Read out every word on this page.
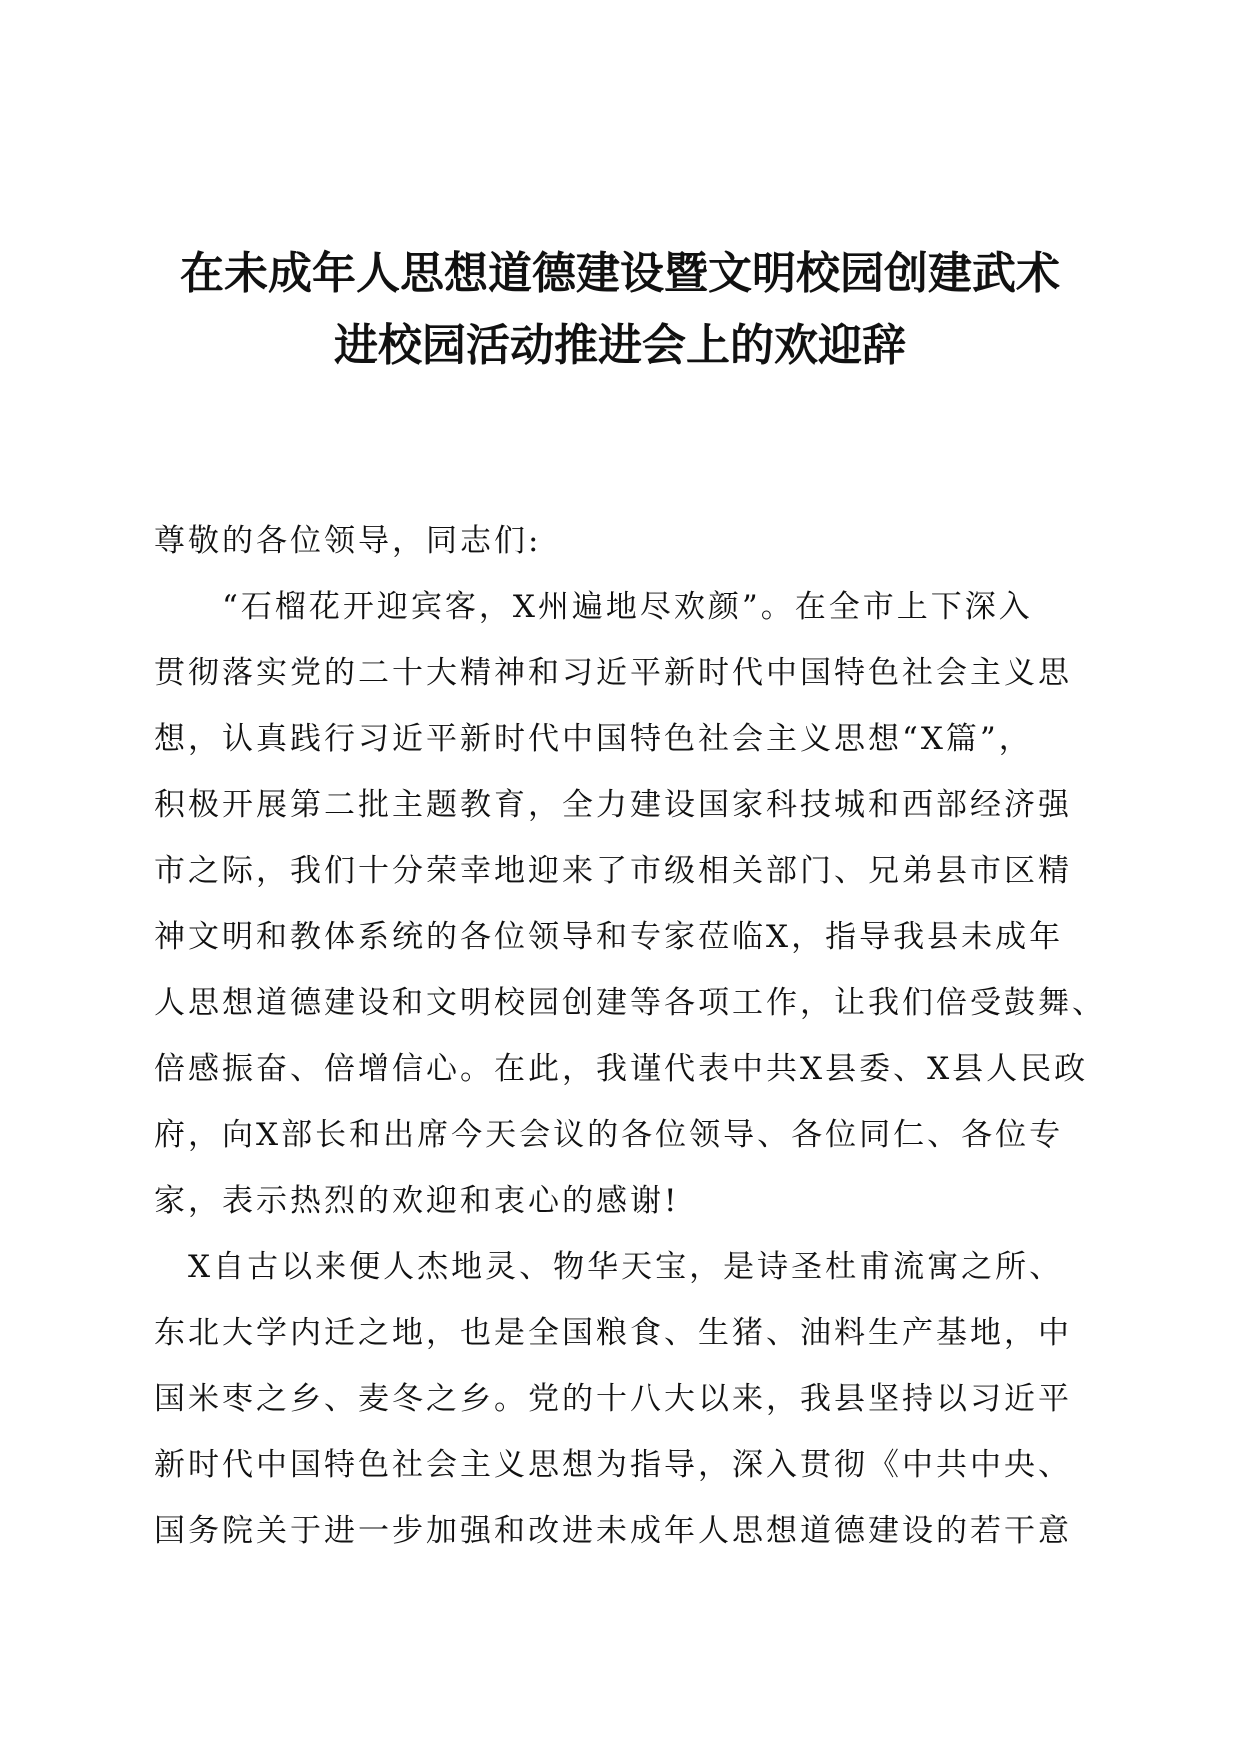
在未成年人思想道德建设暨文明校园创建武术
进校园活动推进会上的欢迎辞
尊敬的各位领导，同志们:
　　“石榴花开迎宾客，X州遍地尽欢颜”。在全市上下深入
贯彻落实党的二十大精神和习近平新时代中国特色社会主义思
想，认真践行习近平新时代中国特色社会主义思想“X篇”，
积极开展第二批主题教育，全力建设国家科技城和西部经济强
市之际，我们十分荣幸地迎来了市级相关部门、兄弟县市区精
神文明和教体系统的各位领导和专家莅临X，指导我县未成年
人思想道德建设和文明校园创建等各项工作，让我们倍受鼓舞、
倍感振奋、倍增信心。在此，我谨代表中共X县委、X县人民政
府，向X部长和出席今天会议的各位领导、各位同仁、各位专
家，表示热烈的欢迎和衷心的感谢!
　X自古以来便人杰地灵、物华天宝，是诗圣杜甫流寓之所、
东北大学内迁之地，也是全国粮食、生猪、油料生产基地，中
国米枣之乡、麦冬之乡。党的十八大以来，我县坚持以习近平
新时代中国特色社会主义思想为指导，深入贯彻《中共中央、
国务院关于进一步加强和改进未成年人思想道德建设的若干意
